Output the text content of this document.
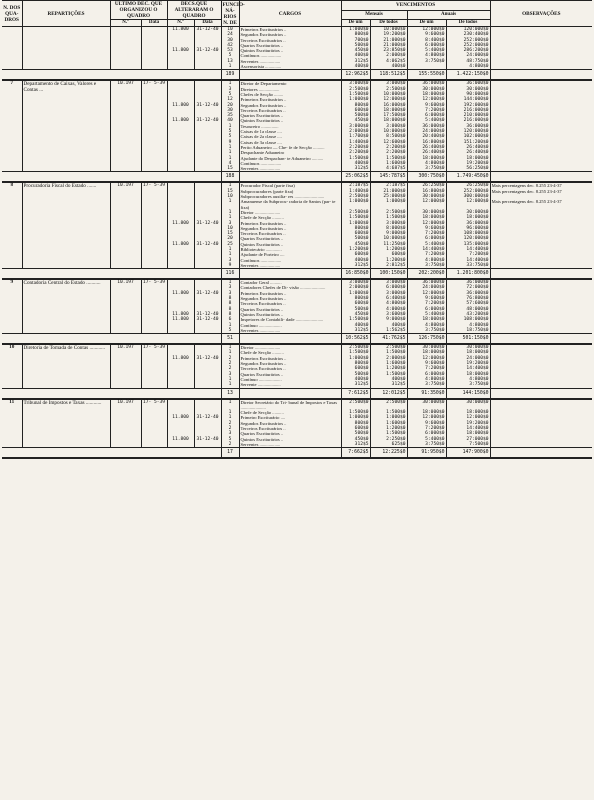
N. DOS QUA- DROS	REPARTIÇÕES	ULTIMO DEC. QUE ORGANIZOU O QUADRO		DECS.QUE ALTERARAM O QUADRO		FUNCIO- NÁ- RIOS N. DE	CARGOS	VENCIMENTOS				OBSERVAÇÕES
								Mensais		Anuais		
		N.º	Data	N.º	Data			De um	De todos	De um	De todos	
				11.800	31-12-40	10	Primeiros Escriturários ..	1:000$0	10:000$0	12:000$0	120:000$0	
						24	Segundos Escriturários ..	800$0	19:200$0	9:600$0	230:400$0	
						30	Terceiros Escriturários ..	700$0	21:000$0	8:400$0	252:000$0	
						42	Quartos Escriturários ..	500$0	21:000$0	6:000$0	252:000$0	
				11.800	31-12-40	53	Quintos Escriturários ..	450$0	23:850$0	5:400$0	286:200$0	
						5	Contínuos ..................	400$0	2:000$0	4:800$0	24:000$0	
						13	Serventes ..................	312$5	4:062$5	3:750$0	48:750$0	
						1	Ascensorista ..............	400$0	400$0		4:800$0	
						189		12:962$5	118:512$5	155:550$0	1.422:150$0	
7	Departamento de Caixas, Valores e Contas ...	10.197	17- 5-39			1	Diretor de Departamento	3:000$0	3:000$0	36:000$0	36:000$0	
						3	Diretores ..................	2:500$0	2:500$0	30:000$0	30:000$0	
						5	Chefes de Secção ........	1:500$0	10:000$0	18:000$0	90:000$0	
						12	Primeiros Escriturários ..	1:000$0	12:000$0	12:000$0	144:000$0	
				11.800	31-12-40	20	Segundos Escriturários ..	800$0	16:000$0	9:600$0	192:000$0	
						30	Terceiros Escriturários ..	600$0	18:000$0	7:200$0	216:000$0	
						35	Quartos Escriturários ..	500$0	17:500$0	6:000$0	210:000$0	
				11.800	31-12-40	40	Quintos Escriturários ..	450$0	18:000$0	5:400$0	216:000$0	
						1	Tesoureiro ...............	3:000$0	3:000$0	36:000$0	36:000$0	
						5	Caixas de 1a classe ....	2:000$0	10:000$0	24:000$0	120:000$0	
						5	Caixas de 2a classe ....	1:700$0	8:500$0	20:400$0	102:000$0	
						9	Caixas de 3a classe ....	1:400$0	12:600$0	16:800$0	151:200$0	
						1	Perito Aduaneiro — Che- fe de Secção ..........	2:200$0	2:200$0	26:400$0	26:400$0	
						1	Despachante Aduaneiro	2:200$0	2:200$0	26:400$0	26:400$0	
						1	Ajudante do Despachan- te Aduaneiro ..........	1:500$0	1:500$0	18:000$0	18:000$0	
						4	Contínuos ..................	400$0	1:600$0	4:800$0	19:200$0	
						15	Serventes ..................	312$5	4:687$5	3:750$0	56:250$0	
						188		25:062$5	145:787$5	300:750$0	1.749:450$0	
8	Procuradoria Fiscal do Estado .......	10.197	17- 5-39			1	Procurador Fiscal (parte fixa)	2:187$5	2:187$5	26:250$0	26:250$0	Mais percentagens dec. 8.255 23-4-37
						15	Subprocuradores (parte fixa)	1:400$0	21:000$0	16:800$0	252:000$0	Mais percentagens dec. 8.255 23-4-37
						10	Subprocuradores auxilia- res ..........................	2:500$0	25:000$0	30:000$0	300:000$0	
						1	Amanuense da Subprocu- radoria de Santos (par- te fixa)	1:000$0	1:000$0	12:000$0	12:000$0	Mais percentagens dec. 8.255 23-4-37
						1	Diretor ......................	2:500$0	2:500$0	30:000$0	30:000$0	
						1	Chefe de Secção ..........	1:500$0	1:500$0	18:000$0	18:000$0	
				11.800	31-12-40	3	Primeiros Escriturários ..	1:000$0	3:000$0	12:000$0	36:000$0	
						10	Segundos Escriturários ..	800$0	8:000$0	9:600$0	96:000$0	
						15	Terceiros Escriturários ..	600$0	9:000$0	7:200$0	108:000$0	
						20	Quartos Escriturários ..	500$0	10:000$0	6:000$0	120:000$0	
				11.800	31-12-40	25	Quintos Escriturários ..	450$0	11:250$0	5:400$0	135:000$0	
						1	Bibliotecário ..............	1:200$0	1:200$0	14:400$0	14:400$0	
						1	Ajudante de Porteiro ....	600$0	600$0	7:200$0	7:200$0	
						3	Contínuos ..................	400$0	1:200$0	4:800$0	14:400$0	
						9	Serventes ..................	312$5	2:812$5	3:750$0	33:750$0	
						116		16:850$0	100:150$0	202:200$0	1.201:800$0	
9	Contadoria Central do Estado ...........	10.197	17- 5-39			1	Contador Geral ..........	3:000$0	3:000$0	36:000$0	36:000$0	
						3	Contadores Chefes de Di- visão ......................	2:000$0	6:000$0	24:000$0	72:000$0	
				11.800	31-12-40	3	Primeiros Escriturários ..	1:000$0	3:000$0	12:000$0	36:000$0	
						8	Segundos Escriturários ..	800$0	6:400$0	9:600$0	76:800$0	
						8	Terceiros Escriturários ..	600$0	4:800$0	7:200$0	57:600$0	
						8	Quartos Escriturários ..	500$0	4:000$0	6:000$0	48:000$0	
				11.800	31-12-40	8	Quintos Escriturários ..	450$0	3:600$0	5:400$0	43:200$0	
				11.800	31-12-40	6	Inspetores de Contabili- dade ........................	1:500$0	9:000$0	18:000$0	108:000$0	
						1	Contínuo ....................	400$0	400$0	4:800$0	4:800$0	
						5	Serventes ..................	312$5	1:562$5	3:750$0	18:750$0	
						51		10:562$5	41:762$5	126:750$0	501:150$0	
10	Diretoria de Tomada de Contas ............	10.197	17- 5-39			1	Diretor ......................	2:500$0	2:500$0	30:000$0	30:000$0	
						1	Chefe de Secção ..........	1:500$0	1:500$0	18:000$0	18:000$0	
				11.800	31-12-40	2	Primeiros Escriturários ..	1:000$0	2:000$0	12:000$0	24:000$0	
						2	Segundos Escriturários ..	800$0	1:600$0	9:600$0	19:200$0	
						2	Terceiros Escriturários ..	600$0	1:200$0	7:200$0	14:400$0	
						3	Quartos Escriturários ..	500$0	1:500$0	6:000$0	18:000$0	
						1	Contínuo ....................	400$0	400$0	4:800$0	4:800$0	
						1	Servente ....................	312$5	312$5	3:750$0	3:750$0	
						13		7:612$5	12:012$5	91:350$0	144:150$0	
11	Tribunal de Impostos e Taxas ............	10.197	17- 5-39			1	Diretor Secretário do Tri- bunal de Impostos e Taxas ......................	2:500$0	2:500$0	30:000$0	30:000$0	
						1	Chefe de Secção ..........	1:500$0	1:500$0	18:000$0	18:000$0	
				11.800	31-12-40	1	Primeiro Escriturário ....	1:000$0	1:000$0	12:000$0	12:000$0	
						2	Segundos Escriturários ..	800$0	1:600$0	9:600$0	19:200$0	
						2	Terceiros Escriturários ..	600$0	1:200$0	7:200$0	14:400$0	
						3	Quartos Escriturários ..	500$0	1:500$0	6:000$0	18:000$0	
				11.800	31-12-40	5	Quintos Escriturários ..	450$0	2:250$0	5:400$0	27:000$0	
						2	Serventes ..................	312$5	625$0	3:750$0	7:500$0	
						17		7:662$5	12:225$0	91:950$0	147:900$0	
